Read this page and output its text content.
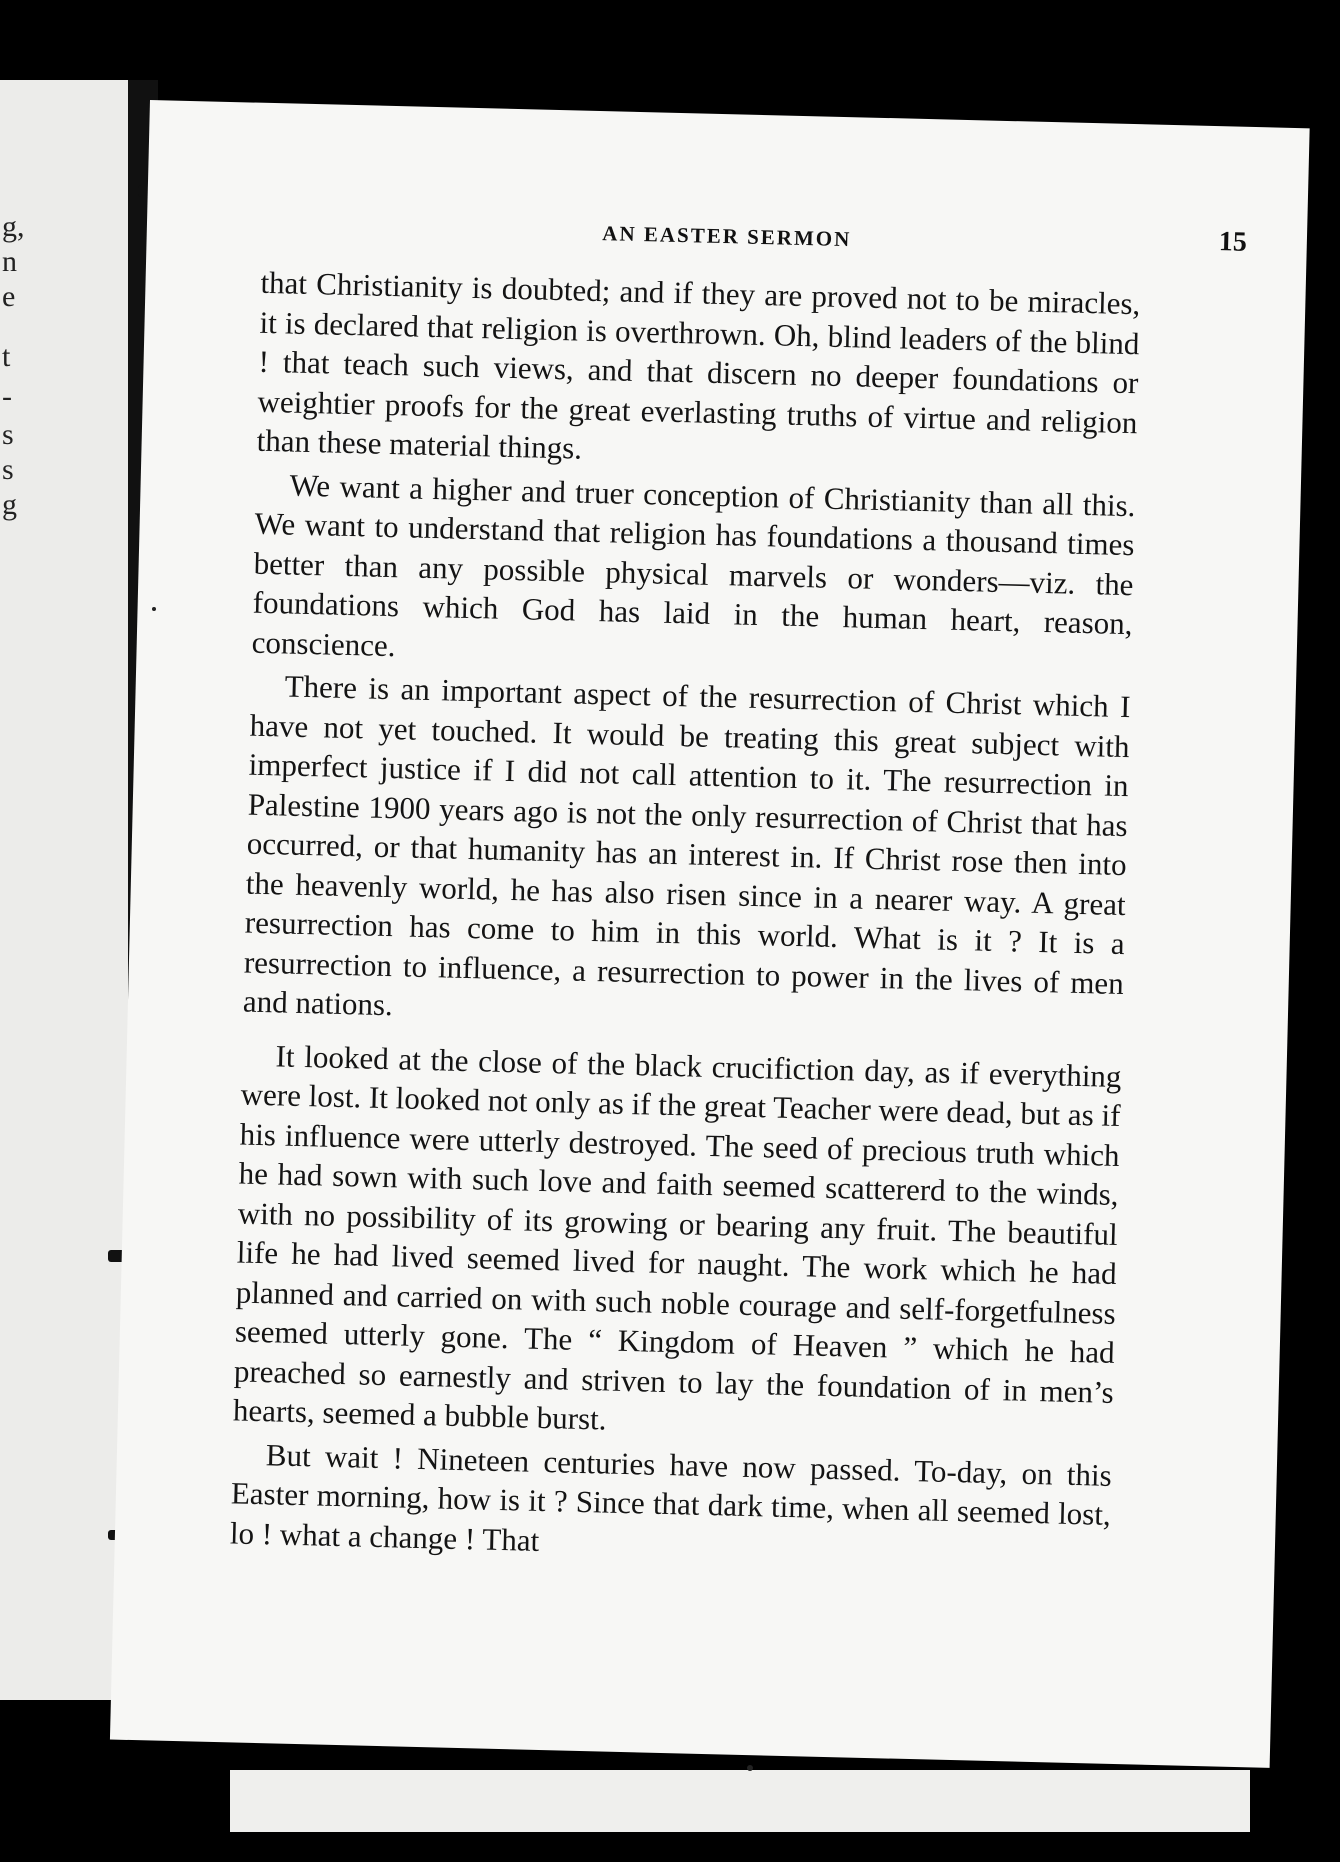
g,
n
e
t
-
s
s
g
AN EASTER SERMON	15

that Christianity is doubted; and if they are proved not to be miracles, it is declared that religion is overthrown. Oh, blind leaders of the blind ! that teach such views, and that discern no deeper foundations or weightier proofs for the great everlasting truths of virtue and religion than these material things.

We want a higher and truer conception of Christianity than all this. We want to understand that religion has foundations a thousand times better than any possible physical marvels or wonders—viz. the foundations which God has laid in the human heart, reason, conscience.

There is an important aspect of the resurrection of Christ which I have not yet touched. It would be treating this great subject with imperfect justice if I did not call attention to it. The resurrection in Palestine 1900 years ago is not the only resurrection of Christ that has occurred, or that humanity has an interest in. If Christ rose then into the heavenly world, he has also risen since in a nearer way. A great resurrection has come to him in this world. What is it ? It is a resurrection to influence, a resurrection to power in the lives of men and nations.

It looked at the close of the black crucifiction day, as if everything were lost. It looked not only as if the great Teacher were dead, but as if his influence were utterly destroyed. The seed of precious truth which he had sown with such love and faith seemed scattererd to the winds, with no possibility of its growing or bearing any fruit. The beautiful life he had lived seemed lived for naught. The work which he had planned and carried on with such noble courage and self-forgetfulness seemed utterly gone. The “ Kingdom of Heaven ” which he had preached so earnestly and striven to lay the foundation of in men’s hearts, seemed a bubble burst.

But wait ! Nineteen centuries have now passed. To-day, on this Easter morning, how is it ? Since that dark time, when all seemed lost, lo ! what a change ! That
